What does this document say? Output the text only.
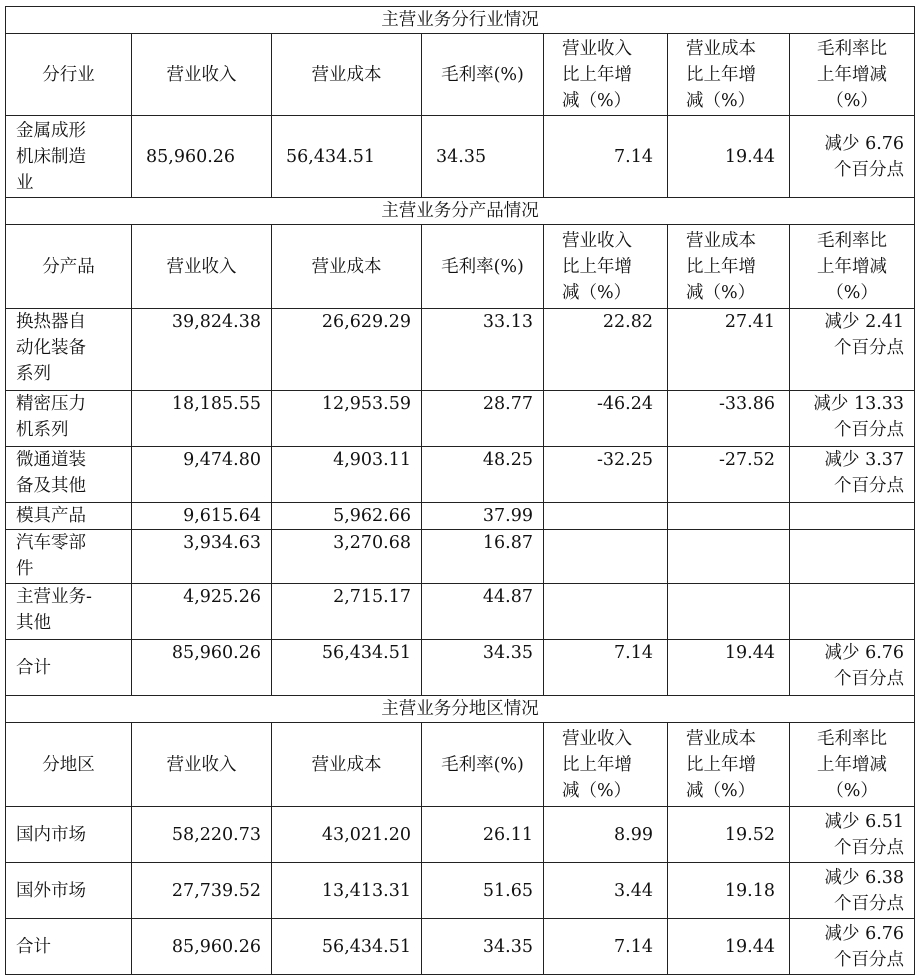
主营业务分行业情况						
分行业	营业收入	营业成本	毛利率(%)	营业收入
比上年增
减（%）	营业成本
比上年增
减（%）	毛利率比
上年增减
（%）

金属成形
机床制造
业	85,960.26	56,434.51	34.35	7.14	19.44	减少 6.76
个百分点

主营业务分产品情况						
分产品	营业收入	营业成本	毛利率(%)	营业收入
比上年增
减（%）	营业成本
比上年增
减（%）	毛利率比
上年增减
（%）

换热器自
动化装备
系列	39,824.38	26,629.29	33.13	22.82	27.41	减少 2.41
个百分点

精密压力
机系列	18,185.55	12,953.59	28.77	-46.24	-33.86	减少 13.33
个百分点

微通道装
备及其他	9,474.80	4,903.11	48.25	-32.25	-27.52	减少 3.37
个百分点

模具产品	9,615.64	5,962.66	37.99			

汽车零部
件	3,934.63	3,270.68	16.87			

主营业务-
其他	4,925.26	2,715.17	44.87			

合计	85,960.26	56,434.51	34.35	7.14	19.44	减少 6.76
个百分点

主营业务分地区情况						
分地区	营业收入	营业成本	毛利率(%)	营业收入
比上年增
减（%）	营业成本
比上年增
减（%）	毛利率比
上年增减
（%）

国内市场	58,220.73	43,021.20	26.11	8.99	19.52	减少 6.51
个百分点

国外市场	27,739.52	13,413.31	51.65	3.44	19.18	减少 6.38
个百分点

合计	85,960.26	56,434.51	34.35	7.14	19.44	减少 6.76
个百分点
